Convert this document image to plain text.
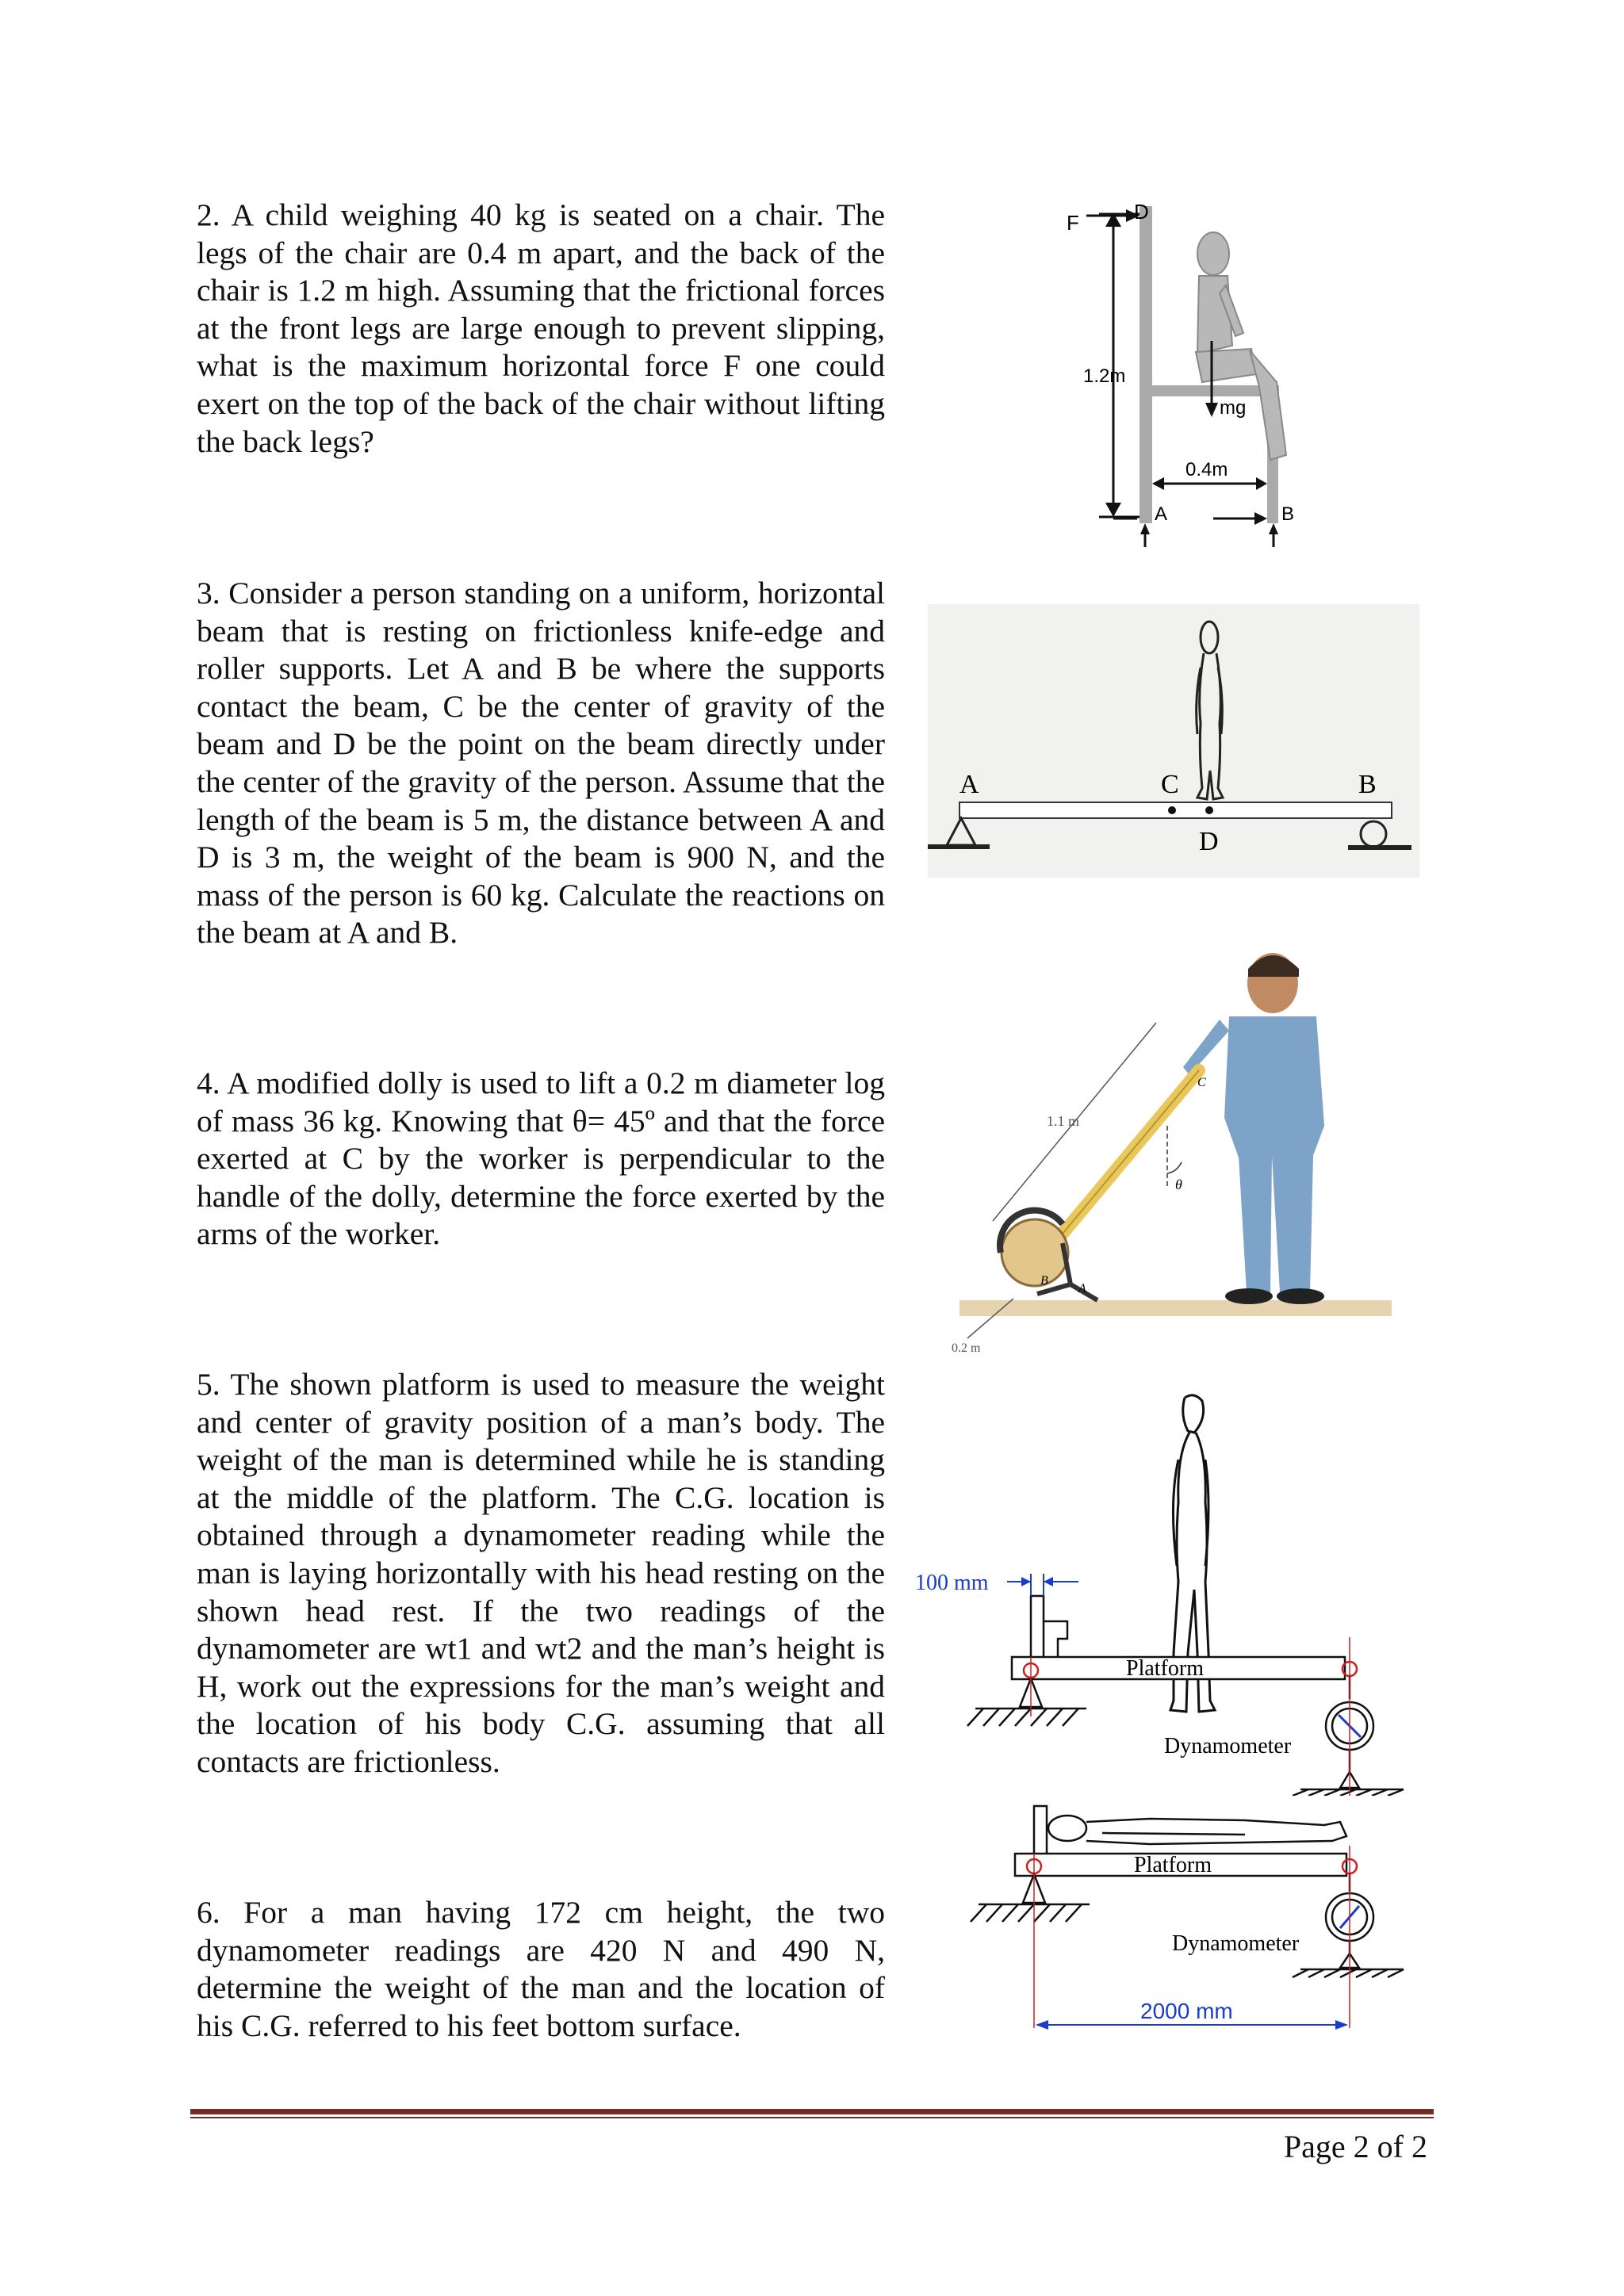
2. A child weighing 40 kg is seated on a chair. The legs of the chair are 0.4 m apart, and the back of the chair is 1.2 m high. Assuming that the frictional forces at the front legs are large enough to prevent slipping, what is the maximum horizontal force F one could exert on the top of the back of the chair without lifting the back legs?

3. Consider a person standing on a uniform, horizontal beam that is resting on frictionless knife-edge and roller supports. Let A and B be where the supports contact the beam, C be the center of gravity of the beam and D be the point on the beam directly under the center of the gravity of the person. Assume that the length of the beam is 5 m, the distance between A and D is 3 m, the weight of the beam is 900 N, and the mass of the person is 60 kg. Calculate the reactions on the beam at A and B.

4. A modified dolly is used to lift a 0.2 m diameter log of mass 36 kg. Knowing that θ= 45º and that the force exerted at C by the worker is perpendicular to the handle of the dolly, determine the force exerted by the arms of the worker.

5. The shown platform is used to measure the weight and center of gravity position of a man’s body. The weight of the man is determined while he is standing at the middle of the platform. The C.G. location is obtained through a dynamometer reading while the man is laying horizontally with his head resting on the shown head rest. If the two readings of the dynamometer are wt1 and wt2 and the man’s height is H, work out the expressions for the man’s weight and the location of his body C.G. assuming that all contacts are frictionless.

6. For a man having 172 cm height, the two dynamometer readings are 420 N and 490 N, determine the weight of the man and the location of his C.G. referred to his feet bottom surface.

F	D
1.2m
mg
0.4m
A	B
A	C	B
D
1.1 m
θ
C
B
A
0.2 m
100 mm
Platform
Dynamometer
Platform
Dynamometer
2000 mm
Page 2 of 2
